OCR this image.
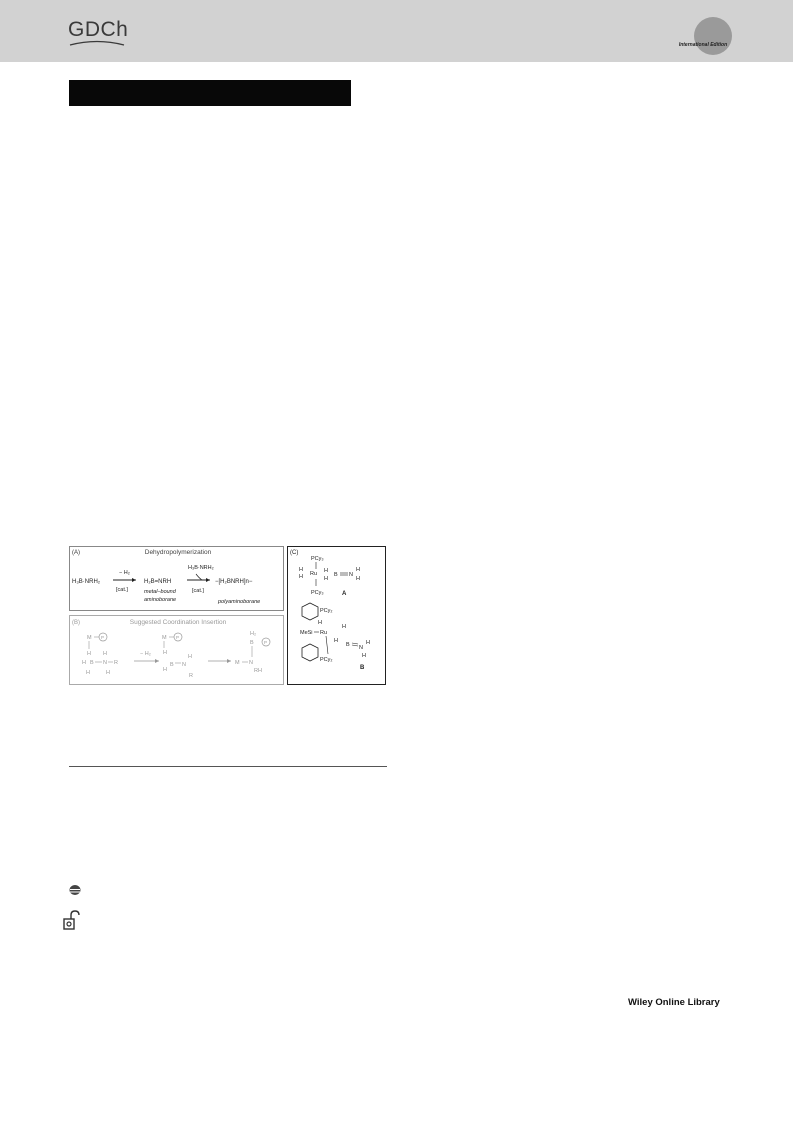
GDCh
International Edition
(A)	Dehydropolymerization
H₃B·NRH₂
− H₂
[cat.]
H₂B=NRH
metal–bound
aminoborane
H₃B·NRH₂
[cat.]
−[H₂BNRH]n−
polyaminoborane
(B)	Suggested Coordination Insertion
M P
H
H B N R
H	H
H	− H₂
M P
H
H
B N
H
R
H₂
B P
M N
RH
(C)
PCy₃
H
H Ru H
H
B N
H
H
PCy₃	A
PCy₂
H
MeSi Ru
H
H
B N
H
H
PCy₂
B
Wiley Online Library
